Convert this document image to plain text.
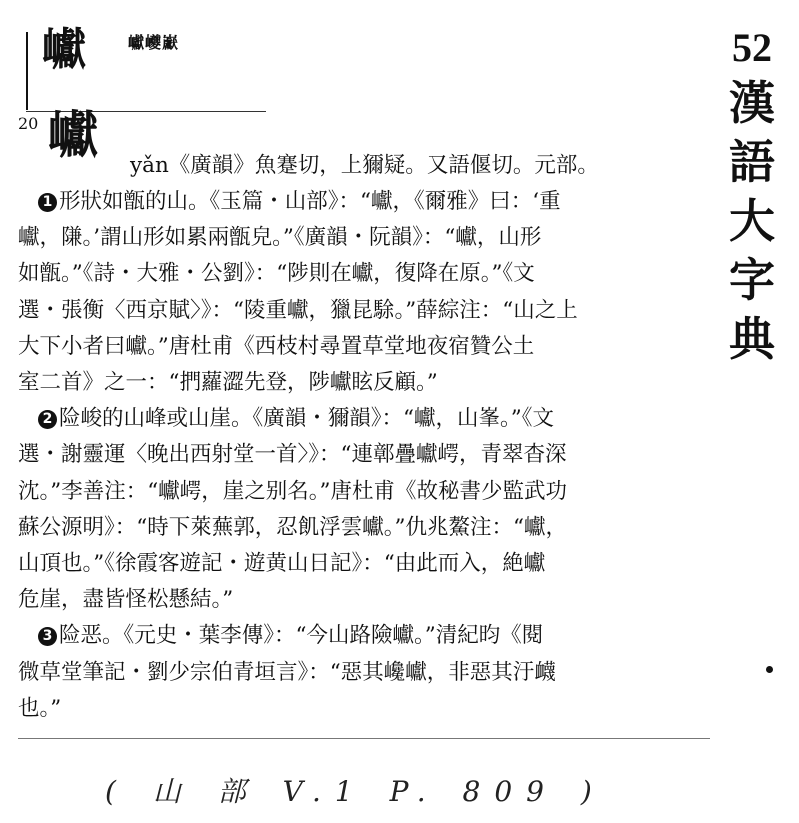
巘	巘巙巚
20 巘
yǎn《廣韻》魚蹇切，上獮疑。又語偃切。元部。
1 形狀如甑的山。《玉篇・山部》：“巘，《爾雅》曰：‘重
巘，隒。’謂山形如累兩甑皃。”《廣韻・阮韻》：“巘，山形
如甑。”《詩・大雅・公劉》：“陟則在巘，復降在原。”《文
選・張衡〈西京賦〉》：“陵重巘，獵昆駼。”薛綜注：“山之上
大下小者曰巘。”唐杜甫《西枝村尋置草堂地夜宿贊公土
室二首》之一：“捫蘿澀先登，陟巘眩反顧。”
2 险峻的山峰或山崖。《廣韻・獮韻》：“巘，山峯。”《文
選・謝靈運〈晚出西射堂一首〉》：“連鄣疊巘崿，青翠杳深
沈。”李善注：“巘崿，崖之别名。”唐杜甫《故秘書少監武功
蘇公源明》：“時下萊蕪郭，忍飢浮雲巘。”仇兆鰲注：“巘，
山頂也。”《徐霞客遊記・遊黄山日記》：“由此而入，絶巘
危崖，盡皆怪松懸結。”
3 险恶。《元史・葉李傳》：“今山路險巘。”清紀昀《閱
微草堂筆記・劉少宗伯青垣言》：“惡其巉巘，非惡其汙衊
也。”
52
漢
語
大
字
典
( 山 部 V.1 P. 809 )
